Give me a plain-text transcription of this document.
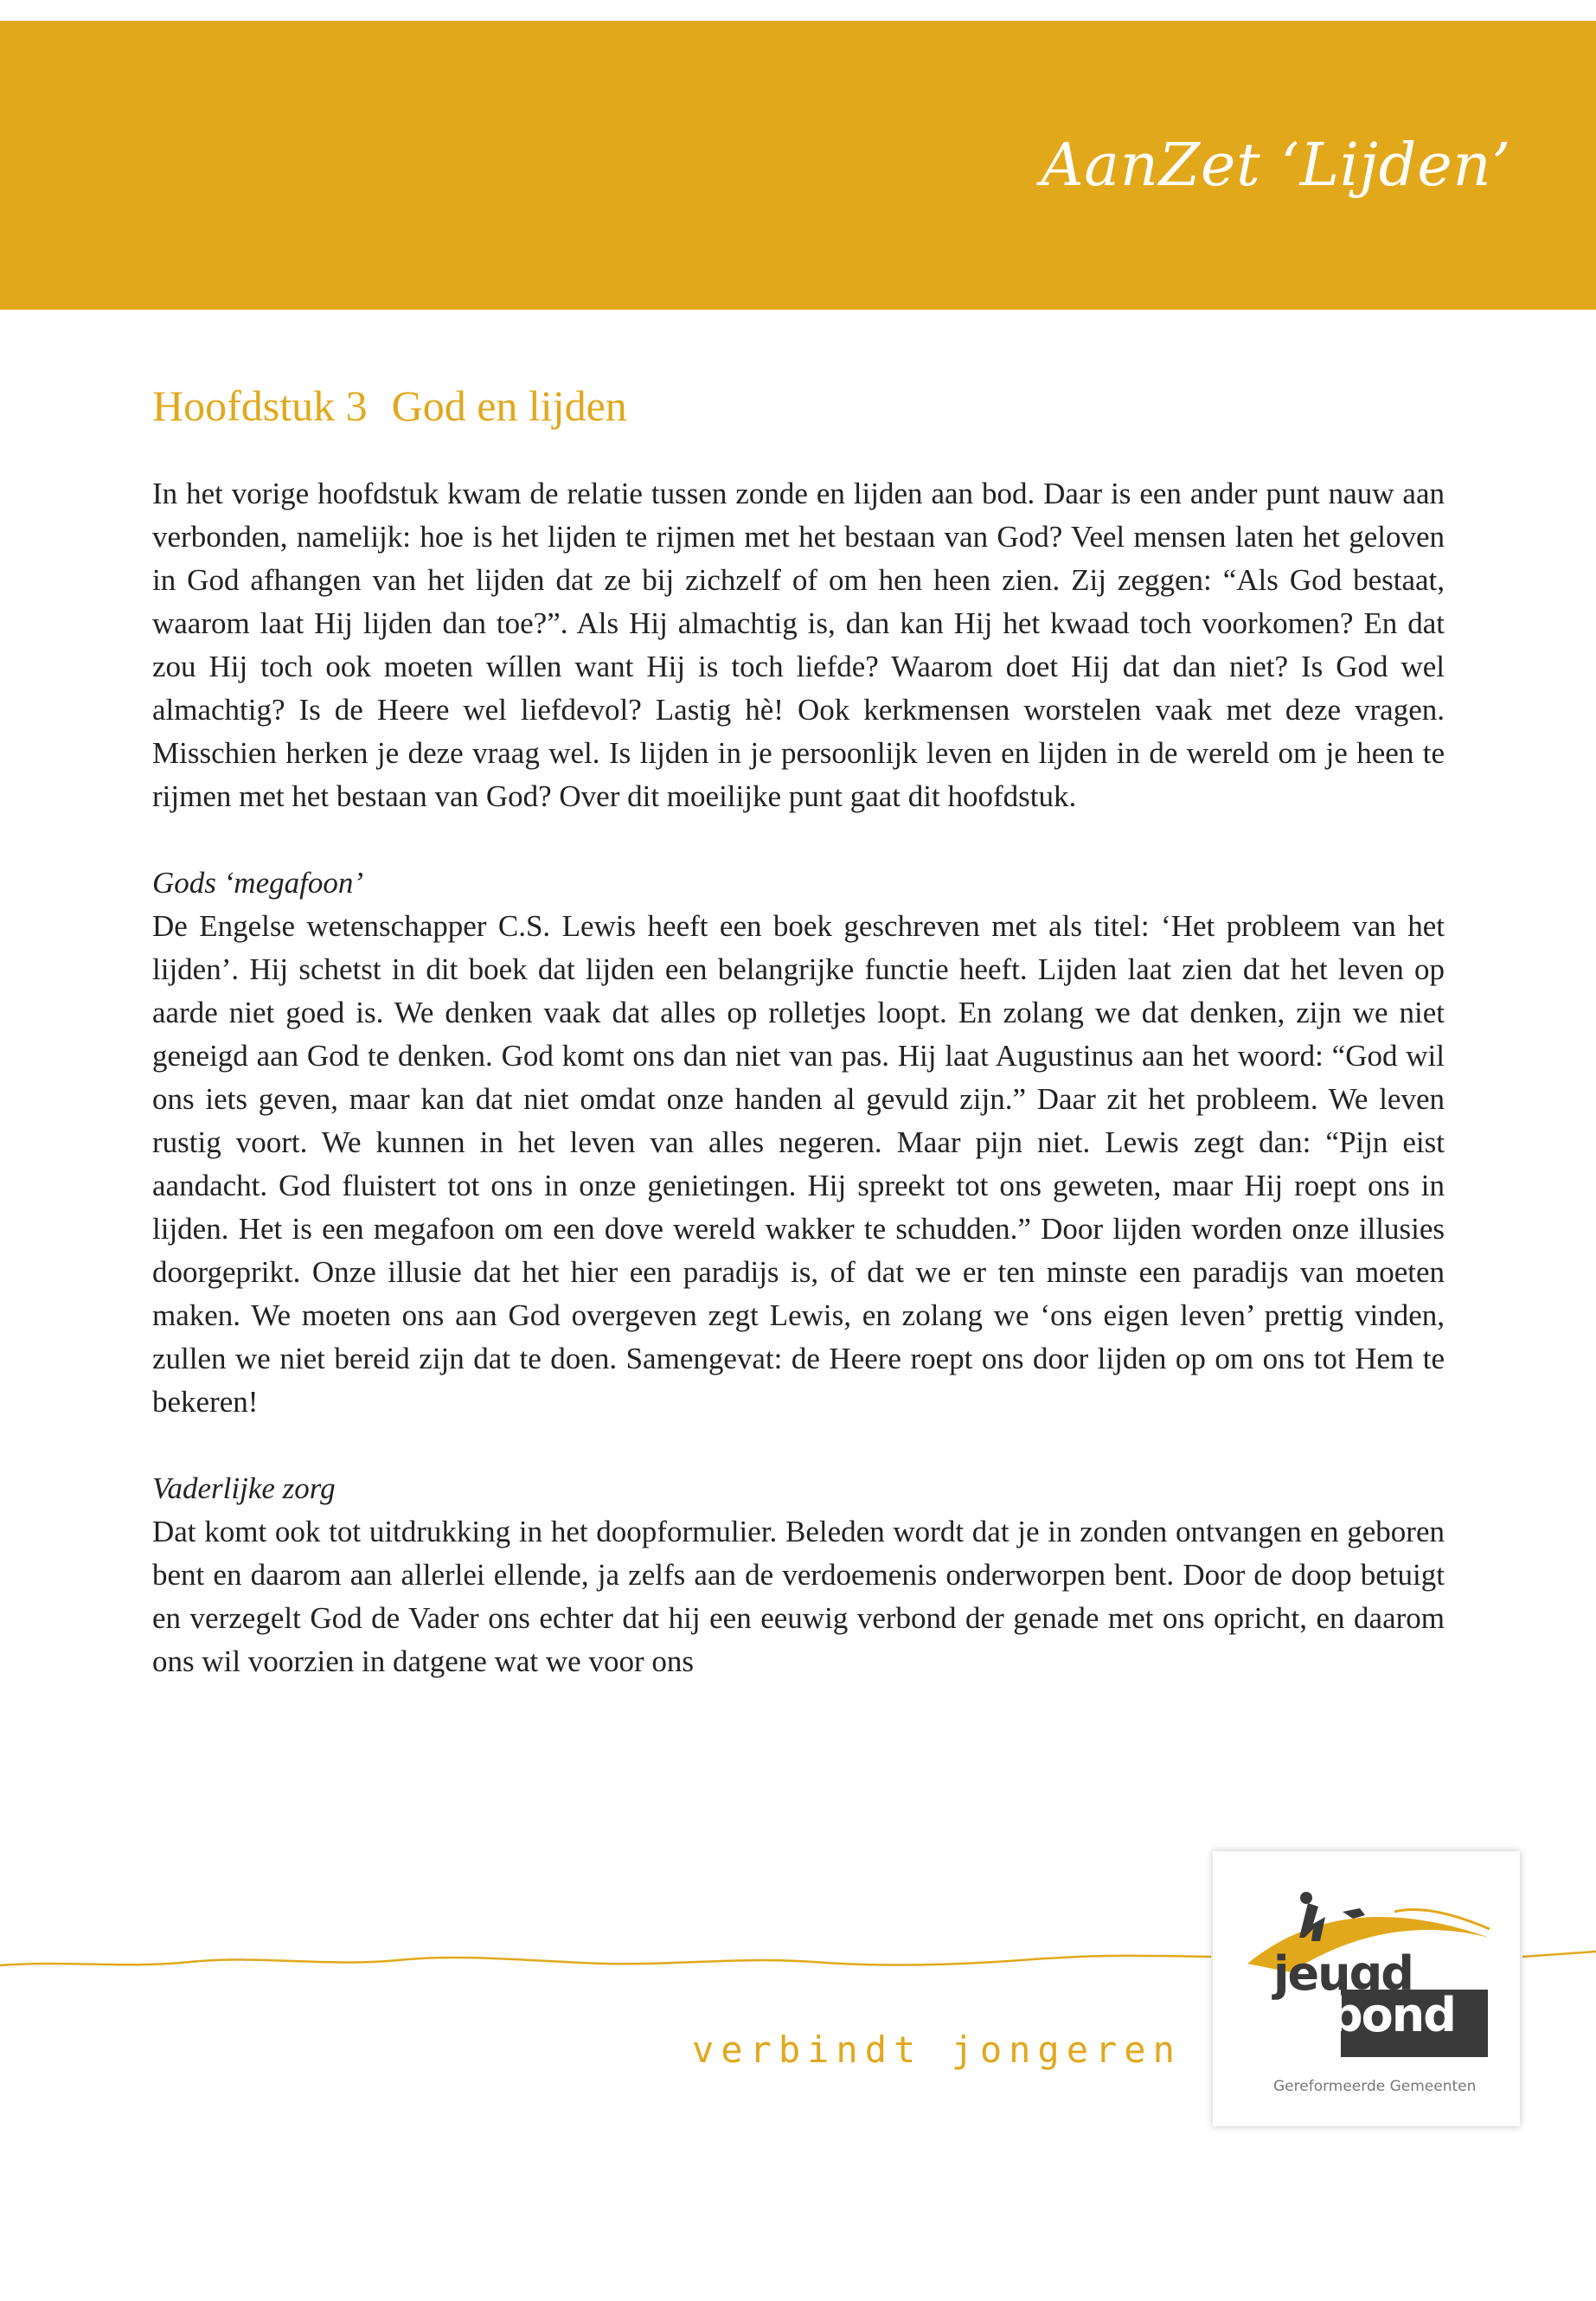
AanZet ‘Lijden’
Hoofdstuk 3 God en lijden

In het vorige hoofdstuk kwam de relatie tussen zonde en lijden aan bod. Daar is een ander punt nauw aan verbonden, namelijk: hoe is het lijden te rijmen met het bestaan van God? Veel mensen laten het geloven in God afhangen van het lijden dat ze bij zichzelf of om hen heen zien. Zij zeggen: “Als God bestaat, waarom laat Hij lijden dan toe?”. Als Hij almachtig is, dan kan Hij het kwaad toch voorkomen? En dat zou Hij toch ook moeten wíllen want Hij is toch liefde? Waarom doet Hij dat dan niet? Is God wel almachtig? Is de Heere wel liefdevol? Lastig hè! Ook kerkmensen worstelen vaak met deze vragen. Misschien herken je deze vraag wel. Is lijden in je persoonlijk leven en lijden in de wereld om je heen te rijmen met het bestaan van God? Over dit moeilijke punt gaat dit hoofdstuk.

Gods ‘megafoon’

De Engelse wetenschapper C.S. Lewis heeft een boek geschreven met als titel: ‘Het probleem van het lijden’. Hij schetst in dit boek dat lijden een belangrijke functie heeft. Lijden laat zien dat het leven op aarde niet goed is. We denken vaak dat alles op rolletjes loopt. En zolang we dat denken, zijn we niet geneigd aan God te denken. God komt ons dan niet van pas. Hij laat Augustinus aan het woord: “God wil ons iets geven, maar kan dat niet omdat onze handen al gevuld zijn.” Daar zit het probleem. We leven rustig voort. We kunnen in het leven van alles negeren. Maar pijn niet. Lewis zegt dan: “Pijn eist aandacht. God fluistert tot ons in onze genietingen. Hij spreekt tot ons geweten, maar Hij roept ons in lijden. Het is een megafoon om een dove wereld wakker te schudden.” Door lijden worden onze illusies doorgeprikt. Onze illusie dat het hier een paradijs is, of dat we er ten minste een paradijs van moeten maken. We moeten ons aan God overgeven zegt Lewis, en zolang we ‘ons eigen leven’ prettig vinden, zullen we niet bereid zijn dat te doen. Samengevat: de Heere roept ons door lijden op om ons tot Hem te bekeren!

Vaderlijke zorg

Dat komt ook tot uitdrukking in het doopformulier. Beleden wordt dat je in zonden ontvangen en geboren bent en daarom aan allerlei ellende, ja zelfs aan de verdoemenis onderworpen bent. Door de doop betuigt en verzegelt God de Vader ons echter dat hij een eeuwig verbond der genade met ons opricht, en daarom ons wil voorzien in datgene wat we voor ons

verbindt jongeren
jeugd
bond
Gereformeerde Gemeenten
